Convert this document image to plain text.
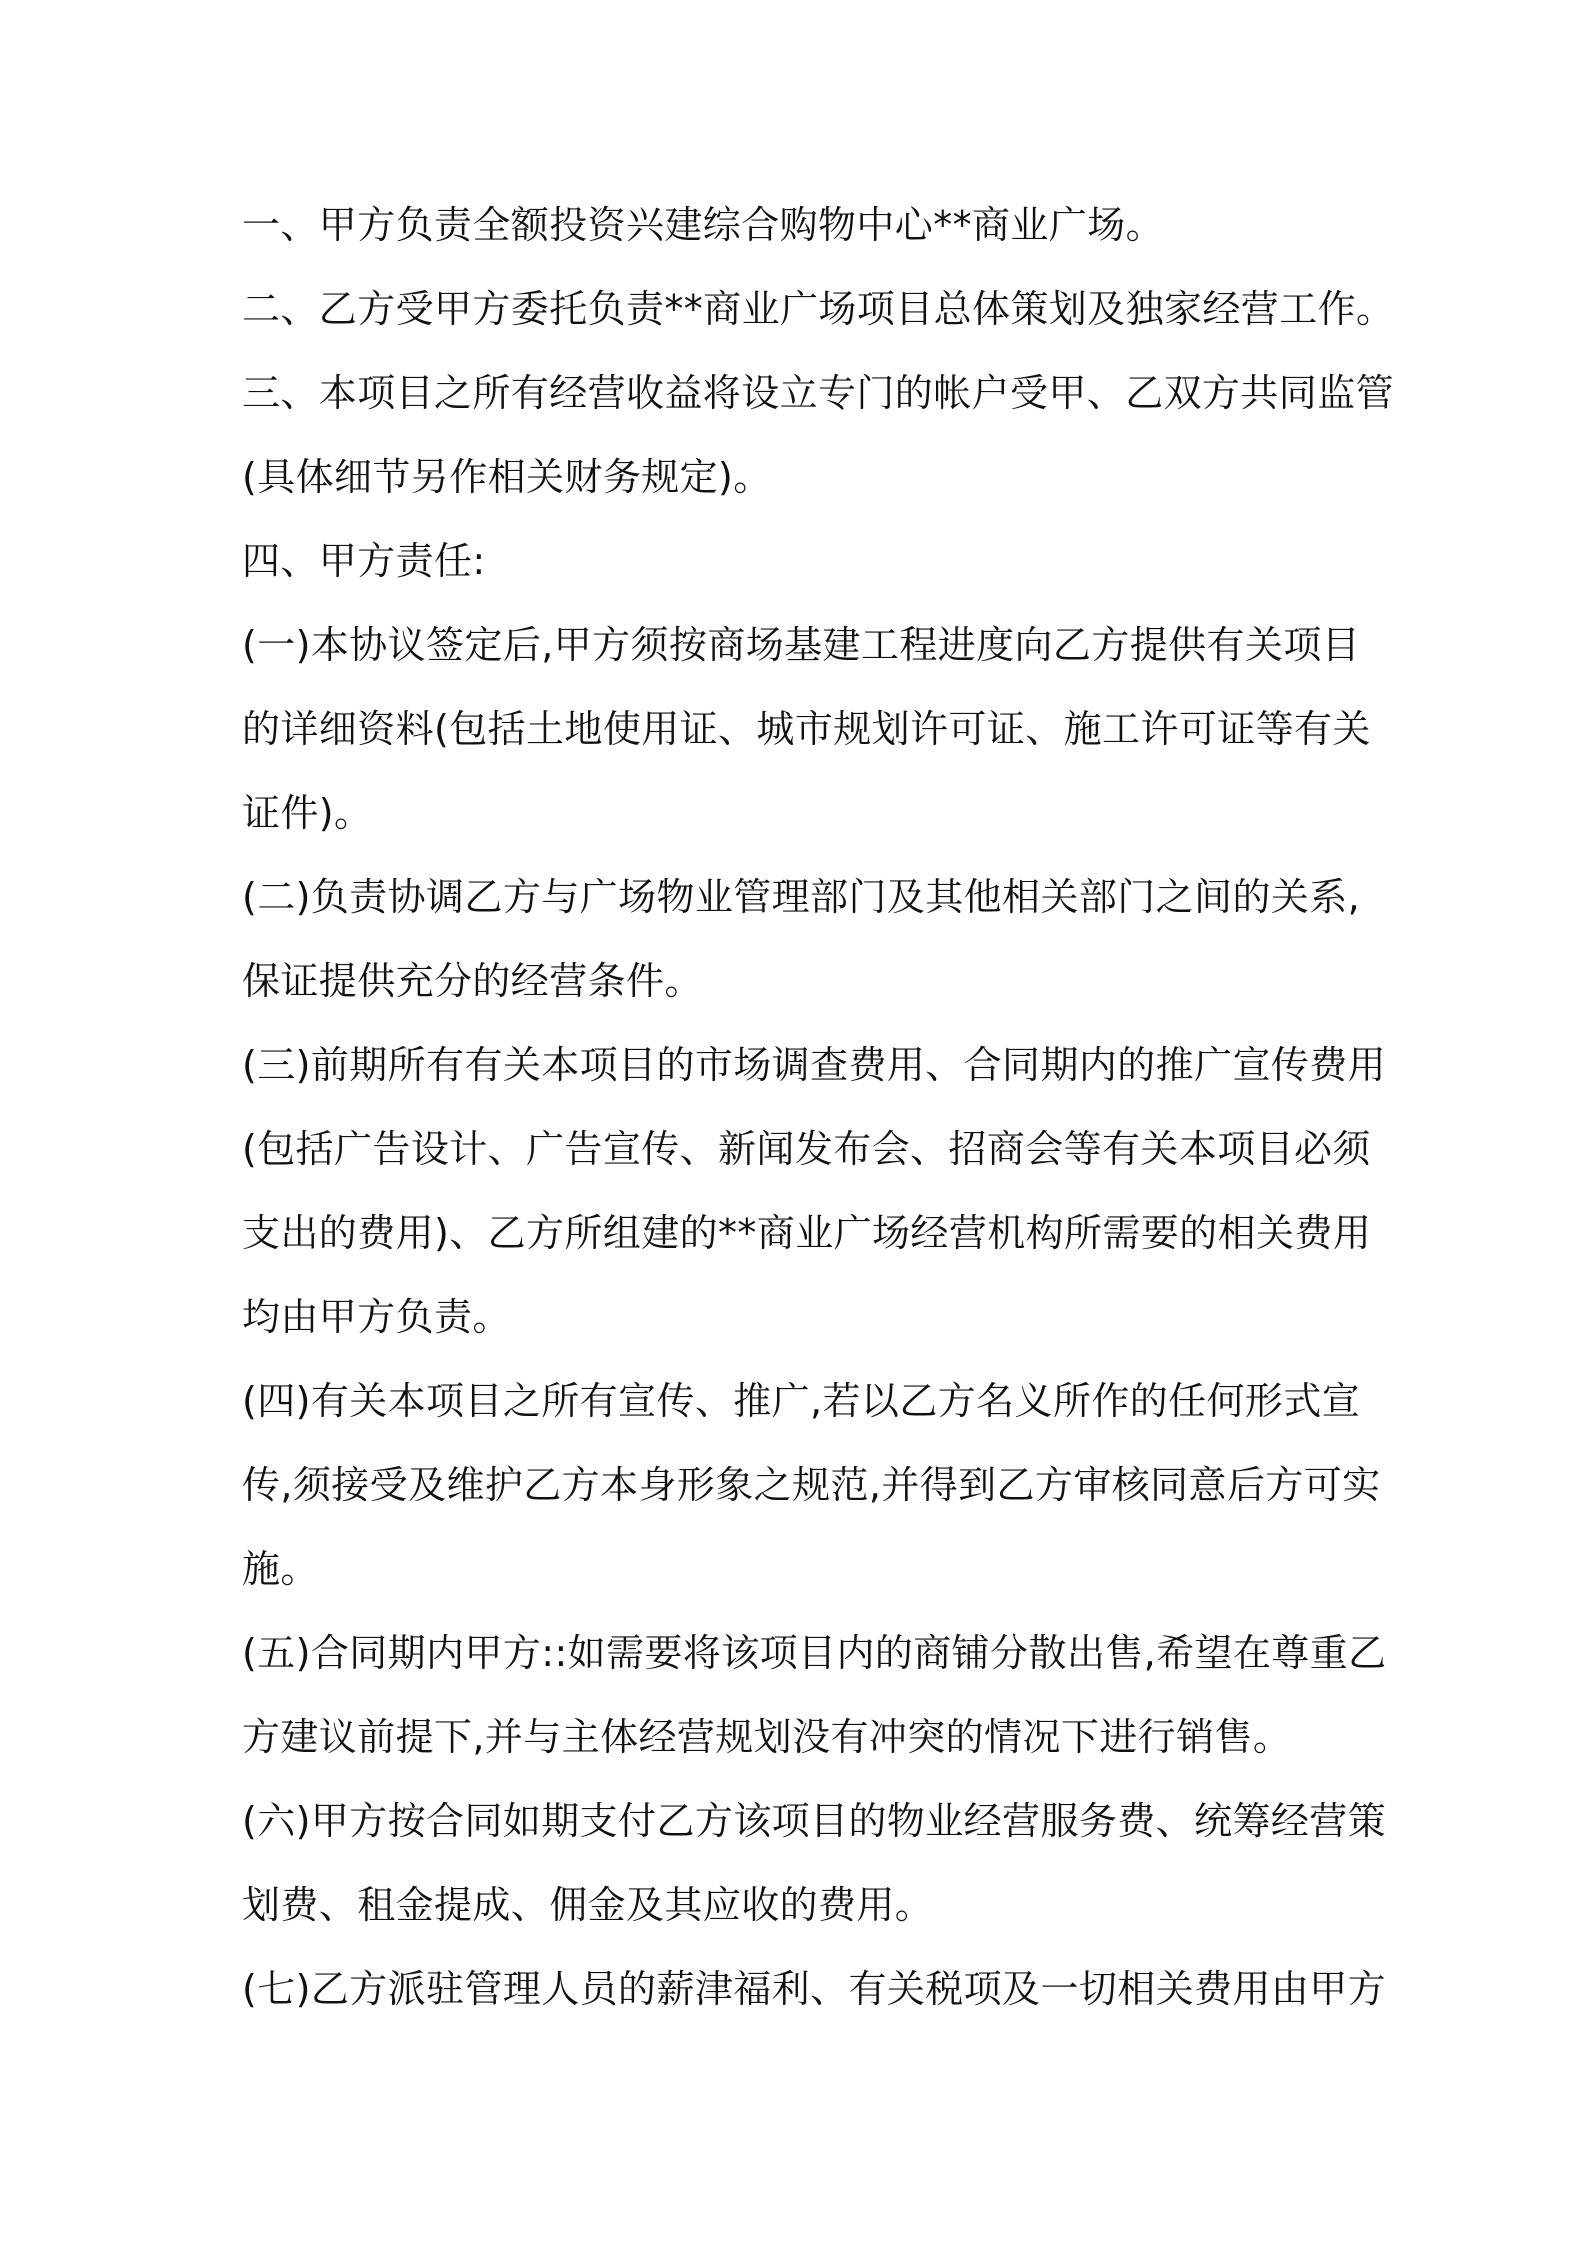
一、甲方负责全额投资兴建综合购物中心**商业广场。
二、乙方受甲方委托负责**商业广场项目总体策划及独家经营工作。
三、本项目之所有经营收益将设立专门的帐户受甲、乙双方共同监管
(具体细节另作相关财务规定)。
四、甲方责任:
(一)本协议签定后,甲方须按商场基建工程进度向乙方提供有关项目
的详细资料(包括土地使用证、城市规划许可证、施工许可证等有关
证件)。
(二)负责协调乙方与广场物业管理部门及其他相关部门之间的关系,
保证提供充分的经营条件。
(三)前期所有有关本项目的市场调查费用、合同期内的推广宣传费用
(包括广告设计、广告宣传、新闻发布会、招商会等有关本项目必须
支出的费用)、乙方所组建的**商业广场经营机构所需要的相关费用
均由甲方负责。
(四)有关本项目之所有宣传、推广,若以乙方名义所作的任何形式宣
传,须接受及维护乙方本身形象之规范,并得到乙方审核同意后方可实
施。
(五)合同期内甲方::如需要将该项目内的商铺分散出售,希望在尊重乙
方建议前提下,并与主体经营规划没有冲突的情况下进行销售。
(六)甲方按合同如期支付乙方该项目的物业经营服务费、统筹经营策
划费、租金提成、佣金及其应收的费用。
(七)乙方派驻管理人员的薪津福利、有关税项及一切相关费用由甲方
